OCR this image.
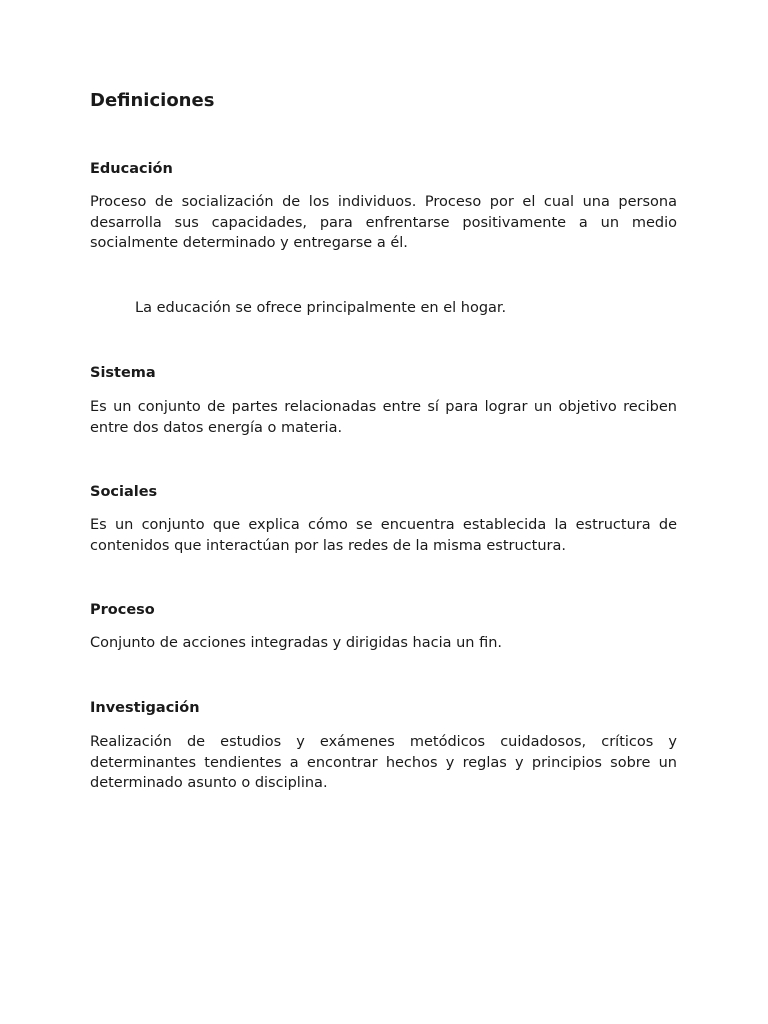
Definiciones
Educación

Proceso de socialización de los individuos. Proceso por el cual una persona desarrolla sus capacidades, para enfrentarse positivamente a un medio socialmente determinado y entregarse a él.

La educación se ofrece principalmente en el hogar.

Sistema

Es un conjunto de partes relacionadas entre sí para lograr un objetivo reciben entre dos datos energía o materia.

Sociales

Es un conjunto que explica cómo se encuentra establecida la estructura de contenidos que interactúan por las redes de la misma estructura.

Proceso

Conjunto de acciones integradas y dirigidas hacia un fin.

Investigación

Realización de estudios y exámenes metódicos cuidadosos, críticos y determinantes tendientes a encontrar hechos y reglas y principios sobre un determinado asunto o disciplina.
